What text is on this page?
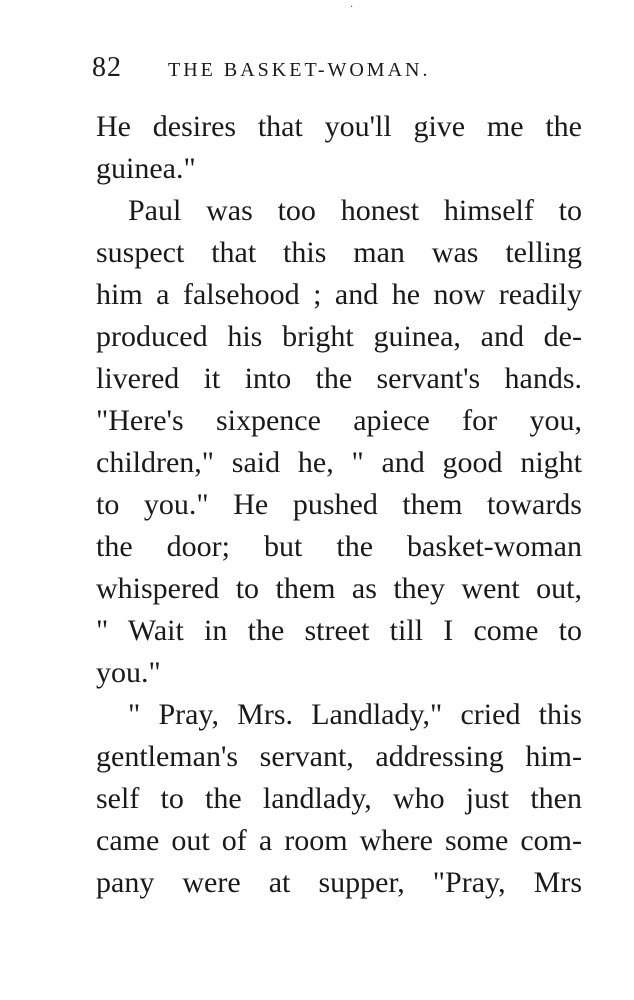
·
82 THE BASKET-WOMAN.
He desires that you'll give me the
guinea."
Paul was too honest himself to
suspect that this man was telling
him a falsehood ; and he now readily
produced his bright guinea, and de-
livered it into the servant's hands.
"Here's sixpence apiece for you,
children," said he, " and good night
to you." He pushed them towards
the door; but the basket-woman
whispered to them as they went out,
" Wait in the street till I come to
you."
" Pray, Mrs. Landlady," cried this
gentleman's servant, addressing him-
self to the landlady, who just then
came out of a room where some com-
pany were at supper, "Pray, Mrs
